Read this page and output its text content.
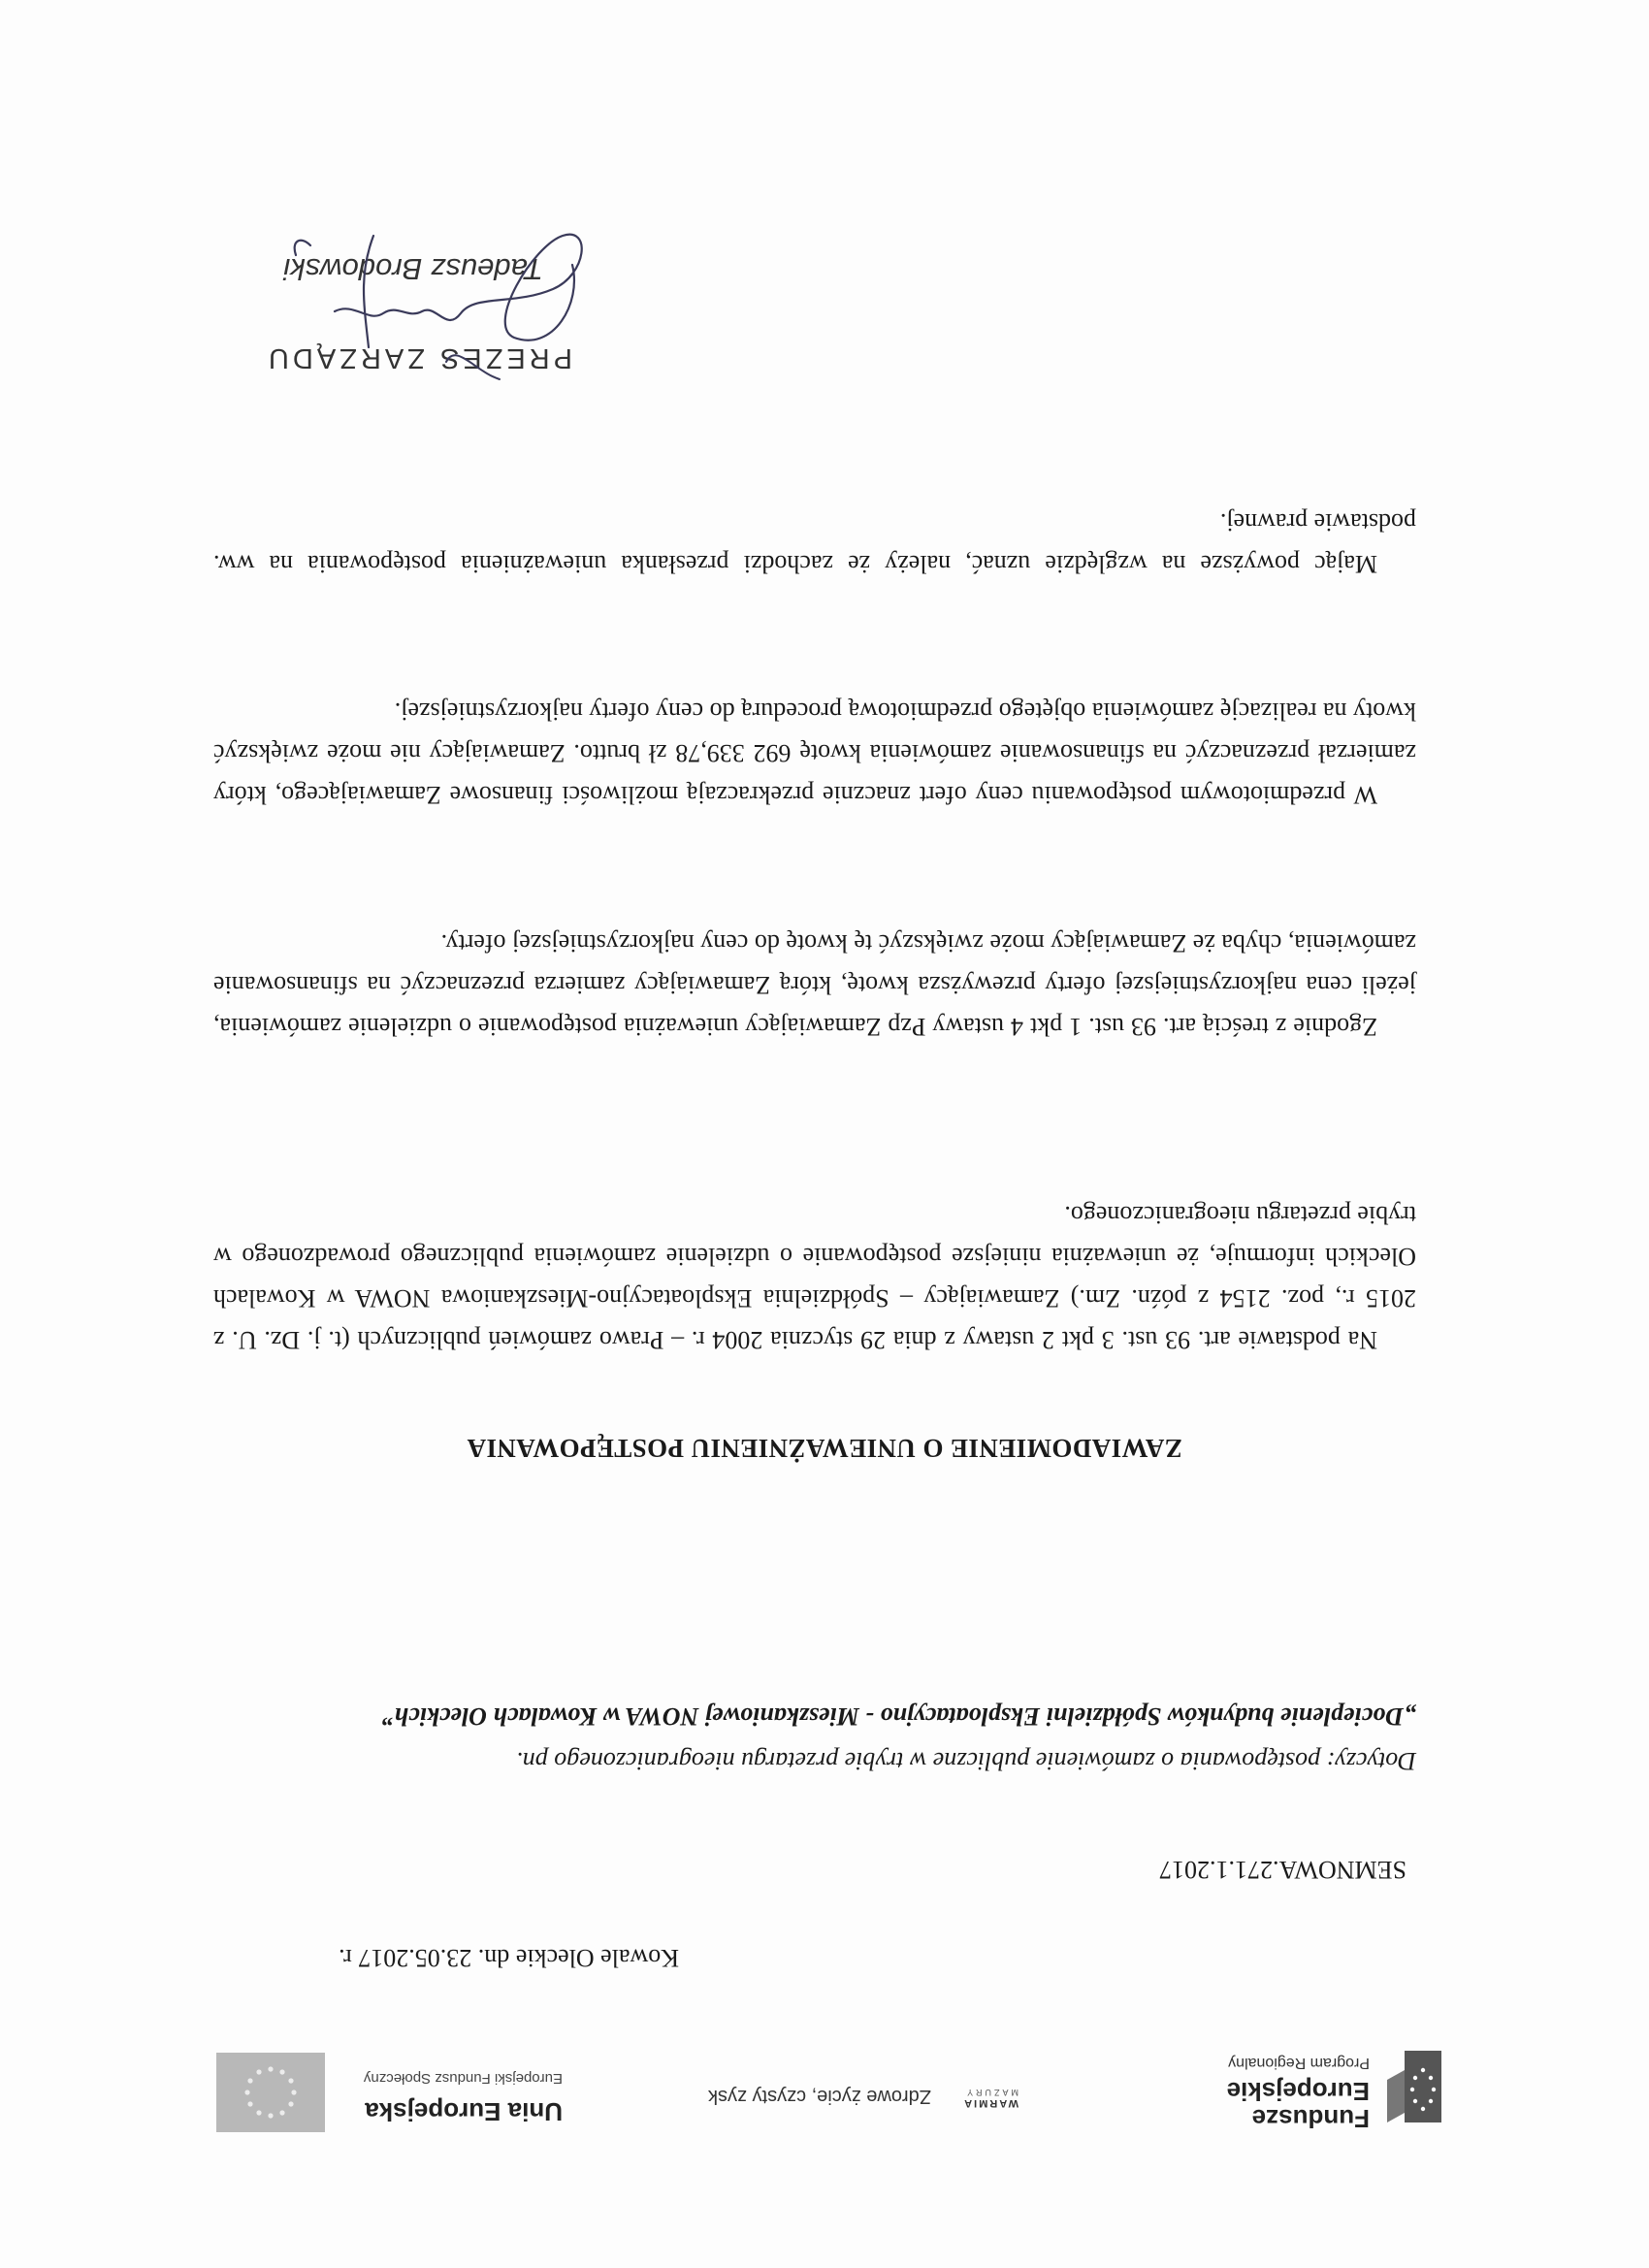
Fundusze Europejskie
Program Regionalny
WARMIA
MAZURY
Zdrowe życie, czysty zysk
Unia Europejska
Europejski Fundusz Społeczny
Kowale Oleckie dn. 23.05.2017 r.
SEMNOWA.271.1.2017
Dotyczy: postępowania o zamówienie publiczne w trybie przetargu nieograniczonego pn.
„Docieplenie budynków Spółdzielni Eksploatacyjno - Mieszkaniowej NOWA w Kowalach Oleckich”
ZAWIADOMIENIE O UNIEWAŻNIENIU POSTĘPOWANIA
Na podstawie art. 93 ust. 3 pkt 2 ustawy z dnia 29 stycznia 2004 r. – Prawo zamówień publicznych (t. j. Dz. U. z 2015 r., poz. 2154 z późn. Zm.) Zamawiający – Spółdzielnia Eksploatacyjno-Mieszkaniowa NOWA w Kowalach Oleckich informuje, że unieważnia niniejsze postępowanie o udzielenie zamówienia publicznego prowadzonego w trybie przetargu nieograniczonego.
Zgodnie z treścią art. 93 ust. 1 pkt 4 ustawy Pzp Zamawiający unieważnia postępowanie o udzielenie zamówienia, jeżeli cena najkorzystniejszej oferty przewyższa kwotę, którą Zamawiający zamierza przeznaczyć na sfinansowanie zamówienia, chyba że Zamawiający może zwiększyć tę kwotę do ceny najkorzystniejszej oferty.
W przedmiotowym postępowaniu ceny ofert znacznie przekraczają możliwości finansowe Zamawiającego, który zamierzał przeznaczyć na sfinansowanie zamówienia kwotę 692 339,78 zł brutto. Zamawiający nie może zwiększyć kwoty na realizację zamówienia objętego przedmiotową procedurą do ceny oferty najkorzystniejszej.
Mając powyższe na względzie uznać, należy że zachodzi przesłanka unieważnienia postępowania na ww. podstawie prawnej.
PREZES ZARZĄDU
Tadeusz Brodowski
